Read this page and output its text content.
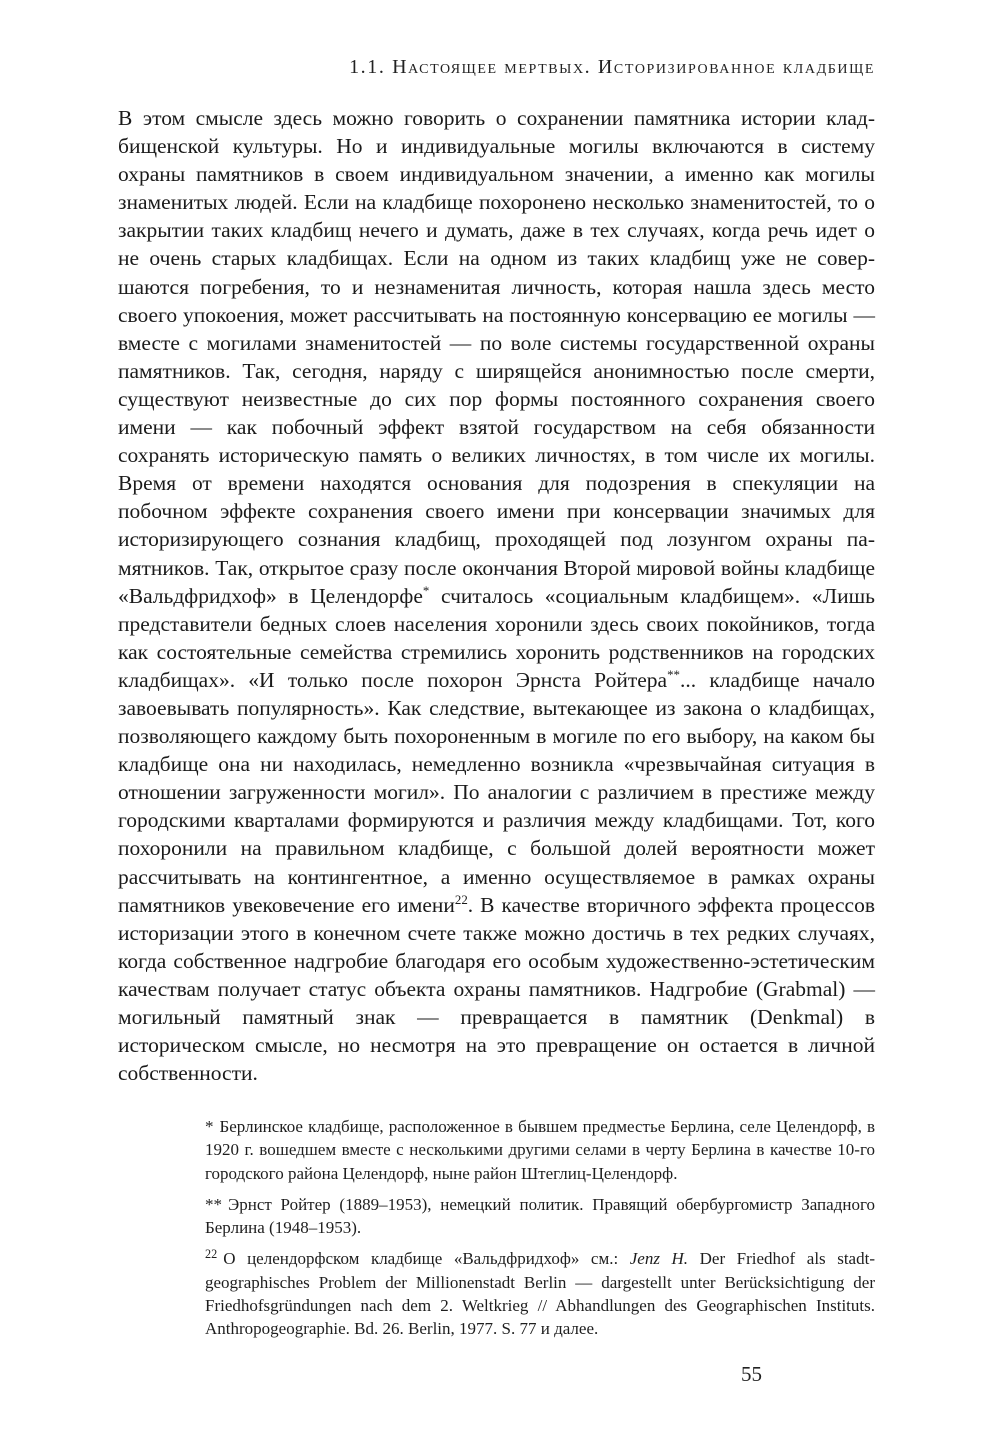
1.1. Настоящее мертвых. Историзированное кладбище

В этом смысле здесь можно говорить о сохранении памятника истории кладбищенской культуры. Но и индивидуальные могилы включаются в систему охраны памятников в своем индивидуальном значении, а именно как могилы знаменитых людей. Если на кладбище похоронено несколько знаменитостей, то о закрытии таких кладбищ нечего и думать, даже в тех случаях, когда речь идет о не очень старых кладбищах. Если на одном из таких кладбищ уже не совершаются погребения, то и незнаменитая личность, которая нашла здесь место своего упокоения, может рассчитывать на постоянную консервацию ее могилы — вместе с могилами знаменитостей — по воле системы государственной охраны памятников. Так, сегодня, наряду с ширящейся анонимностью после смерти, существуют неизвестные до сих пор формы постоянного сохранения своего имени — как побочный эффект взятой государством на себя обязанности сохранять историческую память о великих личностях, в том числе их могилы. Время от времени находятся основания для подозрения в спекуляции на побочном эффекте сохранения своего имени при консервации значимых для историзирующего сознания кладбищ, проходящей под лозунгом охраны памятников. Так, открытое сразу после окончания Второй мировой войны кладбище «Вальдфридхоф» в Целендорфе* считалось «социальным кладбищем». «Лишь представители бедных слоев населения хоронили здесь своих покойников, тогда как состоятельные семейства стремились хоронить родственников на городских кладбищах». «И только после похорон Эрнста Ройтера**... кладбище начало завоевывать популярность». Как следствие, вытекающее из закона о кладбищах, позволяющего каждому быть похороненным в могиле по его выбору, на каком бы кладбище она ни находилась, немедленно возникла «чрезвычайная ситуация в отношении загруженности могил». По аналогии с различием в престиже между городскими кварталами формируются и различия между кладбищами. Тот, кого похоронили на правильном кладбище, с большой долей вероятности может рассчитывать на контингентное, а именно осуществляемое в рамках охраны памятников увековечение его имени$^{22}$. В качестве вторичного эффекта процессов историзации этого в конечном счете также можно достичь в тех редких случаях, когда собственное надгробие благодаря его особым художественно-эстетическим качествам получает статус объекта охраны памятников. Надгробие (Grabmal) — могильный памятный знак — превращается в памятник (Denkmal) в историческом смысле, но несмотря на это превращение он остается в личной собственности.

* Берлинское кладбище, расположенное в бывшем предместье Берлина, селе Целендорф, в 1920 г. вошедшем вместе с несколькими другими селами в черту Берлина в качестве 10-го городского района Целендорф, ныне район Штеглиц-Целендорф.

** Эрнст Ройтер (1889–1953), немецкий политик. Правящий обербургомистр Западного Берлина (1948–1953).

$^{22}$ О целендорфском кладбище «Вальдфридхоф» см.: Jenz H. Der Friedhof als stadtgeographisches Problem der Millionenstadt Berlin — dargestellt unter Berücksichtigung der Friedhofsgründungen nach dem 2. Weltkrieg // Abhandlungen des Geographischen Instituts. Anthropogeographie. Bd. 26. Berlin, 1977. S. 77 и далее.

55
